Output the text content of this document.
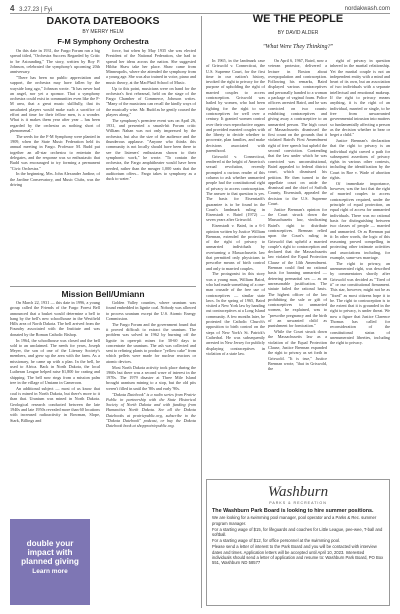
4 3.27.23 | Fyi	nordakwash.com
DAKOTA DATEBOOKS
BY MERRY HELM
F-M Symphony Orchestra

On this date in 1931, the Fargo Forum ran a big spread titled, "Orchestra Success Regarded by Critic to be Astounding." The story, written by Roy P. Johnson, celebrated the symphony's upcoming 20th anniversary.

"There has been no public appreciation and support, the orchestra may have fallen by the wayside long ago," Johnson wrote. "It has never had an angel, nor yet a sponsor. That a symphony orchestra could exist in communities even like the F-M area, that a great music skillfully, that its unsalaried players would make such a sacrifice of effort and time for their fellow men, is a wonder. What is it makes them year after year – has been regarded by the orchestra as nothing short of phenomenal."

The seeds for the F-M Symphony were planted in 1909, when the State Music Federation held its annual meeting in Fargo. Professor M. Budd put together an all-star orchestra to entertain the delegates, and the response was so enthusiastic that Budd was encouraged to try forming a permanent "Civic Orchestra."

In the beginning, Mrs. John Alexander Jardine, of the Jardine Conservatory, and Music Clubs, was the driving

force, but when by May 1935 she was elected President of the National Federation, she had to spread her ideas across the nation. She suggested Hildur Shaw take her place. Shaw came from Minneapolis, where she attended the symphony from a young age. She was also trained in voice, piano and music theory, at the MacPhail School of Music.

Up to this point, musicians were on hand for the orchestra's first rehearsal, held on the stage of the Fargo Chamber of Commerce, Johnson writes. "Many of the musicians can recall the kindly ways of the musically wise. Mr. Budd as he gently coaxed the players along."

The symphony's premiere event was on April 26, 1931, and presented a smash-hit Forum critic William Nahan was not only impressed by the orchestra, but also the size of the audience and the thunderous applause. "Anyone who thinks this community is not locally should have been there to see the listeners' enthusiasm shown to their symphonic work," he wrote. "To contain the orchestra, the Fargo amphitheater would have been needed, rather than the meager 1,000 seats that the auditorium offers... Fargo takes to symphony as a duck to water."

Mission Bell/Umiann

On March 22, 1931 — this date in 1996, a young group called the Friends of the Fargo Forest Bell announced that a basket would determine a bell to hang by the bell's new schoolhouse in the Westfield Hills area of North Dakota. The bell arrived from the Foundry associated with the Institute and was donated by the Roman Catholic Bishop.

In 1964, the schoolhouse was closed and the bell sold to an unclaimed. The needs for years, Joseph Meyer, the son of one of the Literary Society's members, and grew up the area with the farm. As a missionary, he came up with a plan. In the bell, he used to Africa. Back in North Dakota, the local Lutheran League helped raise $1,800 for crating and shipping. The bell now rings from a mission palm tree in the village of Umiann in Cameroon.

An additional subject — most of us know that coal is mined in North Dakota, but there's more to it than that. Uranium was mined in North Dakota. Geological research conducted between the late 1940s and late 1950s revealed more than 60 locations with increased radioactivity in Bowman, Slope, Stark, Billings and

Golden Valley counties, where uranium was found embedded in lignite coal. Nobody was allowed to process uranium except the U.S. Atomic Energy Commission.

The Fargo Forum and the government found that it proved difficult to extract the uranium. The problem was solved in 1962 by burning off the lignite in open-pit mines for 30-60 days to concentrate the uranium. The ash was collected and sent to refining plants to produce "yellow cake" from which pellets were made for nuclear reactors or atomic devices.

Most North Dakota activity took place during the 1960s but there was a second wave of interest in the 1970s. The 1979 disaster at Three Mile Island brought uranium mining to a stop, but the old pits weren't filled in until the '80s and early '90s.

"Dakota Datebook" is a radio series from Prairie Public in partnership with the State Historical Society of North Dakota and with funding from Humanities North Dakota. See all the Dakota Datebooks at prairiepublic.org, subscribe to the "Dakota Datebook" podcast, or buy the Dakota Datebook book at shopprairiepublic.org.

double your impact with planned giving
Learn more
WE THE PEOPLE
BY DAVID ALDER
"What Were They Thinking?"

In 1965, in the landmark case of Griswold v. Connecticut, the U.S. Supreme Court, for the first time in our nation's history, invoked the right to privacy for the purpose of upholding the right of married couples to access contraception. Griswold was hailed by women, who had been fighting for the right to use contraceptives for well over a century. It granted women control over their own reproductive organs and provided married couples with the liberty to decide whether to procreate, plan families, and make decisions associated with parenthood.

Griswold v. Connecticut, rendered at the height of America's sexual revolution, recently prompted a curious reader of this column to ask whether unmarried people had the constitutional right of privacy to access contraception. The answer to that question is yes. The basis for Eisenstadt's guarantee is to be found in the Court's landmark ruling in Eisenstadt v. Baird (1972) — seven years after Griswold.

Eisenstadt v. Baird, in a 6-1 opinion written by Justice William Brennan, extended the protection of the right of privacy to unmarried individuals by overturning a Massachusetts law that permitted only physicians to prescribe means of birth control and only to married couples.

The protagonist in this story was a young man, William Baird, who had made something of a one-man crusade of the free use of contraceptives — similar state laws. In the spring of 1965, Baird visited a New York law by handing out contraceptives at a Long Island community. A few months later, he protested the Catholic Church's opposition to birth control on the steps of New York's St. Patrick's Cathedral. He was subsequently arrested in New Jersey for publicly displaying contraceptives in violation of a state law.

On April 6, 1967, Baird, now a veteran protestor, delivered a lecture in Boston about overpopulation and contraception. Following his remarks, Baird displayed various contraceptives and personally handed to a woman a package of vaginal foam. Police officers arrested Baird, and he was convicted on two counts: exhibiting contraceptives and giving away a contraceptive to an unmarried person. The high court of Massachusetts dismissed the first count on the grounds that it violated Baird's First Amendment right of free speech but upheld the second conviction. Contending that the law under which he was convicted was unconstitutional, Baird appealed to federal district court, which dismissed his petition. He then turned to the appellate court on aside the dismissal and the chief of Suffolk County, Eisenstadt, appealed the decision to the U.S. Supreme Court.

Justice Brennan's opinion for the Court struck down the Massachusetts law, vindicating Baird's right to distribute contraceptives. Brennan relied upon the Court's ruling in Griswold that upheld a married couple's right to contraception and declared that the Massachusetts law violated the Equal Protection Clause of the 14th Amendment. Brennan could find no rational basis for banning unmarried — deterring premarital sex — as an unreasonable justification. The statute failed the rational basis. The highest officer of the law prohibiting the sale or gift of contraceptives to unmarried women, he explained, was to "prescribe pregnancy and the birth of an unwanted child as punishment for fornication."

While the Court struck down the Massachusetts law as a violation of the Equal Protection Clause, Justice Brennan expanded the right to privacy as set forth in Griswold. "It is true," Justice Brennan wrote, "that in Griswold, the

right of privacy in question inhered in the marital relationship. Yet the marital couple is not an independent entity with a mind and heart of its own, but an association of two individuals with a separate intellectual and emotional makeup. If the right to privacy means anything, it is the right of an individual, married or single, to be free from unwarranted governmental intrusion into matters so fundamentally affecting a person as the decision whether to bear or beget a child."

Justice Brennan's declaration that the right to privacy is an individual right carved a path for subsequent assertions of privacy rights in various other contexts, including the identification by the Court in Roe v. Wade of abortion rights.

Of immediate importance, however, was the fact that the right of married couples to access contraceptives required, under the principle of equal protection, an equal right of access for unmarried individuals. There was no rational basis for distinguishing between two classes of people — married and unmarried. Or as Brennan put it: In other words, the logic of this reasoning proved compelling in protecting other intimate activities and associations including, for example, same-sex marriage.

The right to privacy, an unenumerated right, was described by commentators shortly after Griswold was decided as "Tired of it" or our constitutional firmament. This star, however, might not be as "fixed" as most citizens hope it to be. The right to contraception is to the extent that it is grounded in the right to privacy, is under threat. We now a figure that Justice Clarence Thomas has called for reconsideration of the constitutional status of unenumerated liberties, including the right to privacy.

Washburn
PARKS & RECREATION
The Washburn Park Board is looking to hire summer positions.
We are looking for a swimming pool manager, pool operator and a Parks & Rec. summer program manager.
For a starting wage of $15, for lifeguards and coaches for Little League, pee-wee, T-ball and softball.
For a starting wage of $12, for office personnel at the swimming pool.
Please send a letter of interest to the Park Board and you will be contacted with interview dates and times. Application letters will be accepted until April 10, 2023. Interested individuals should send a letter of application and resume to: Washburn Park Board, PO Box 551, Washburn ND 58577
